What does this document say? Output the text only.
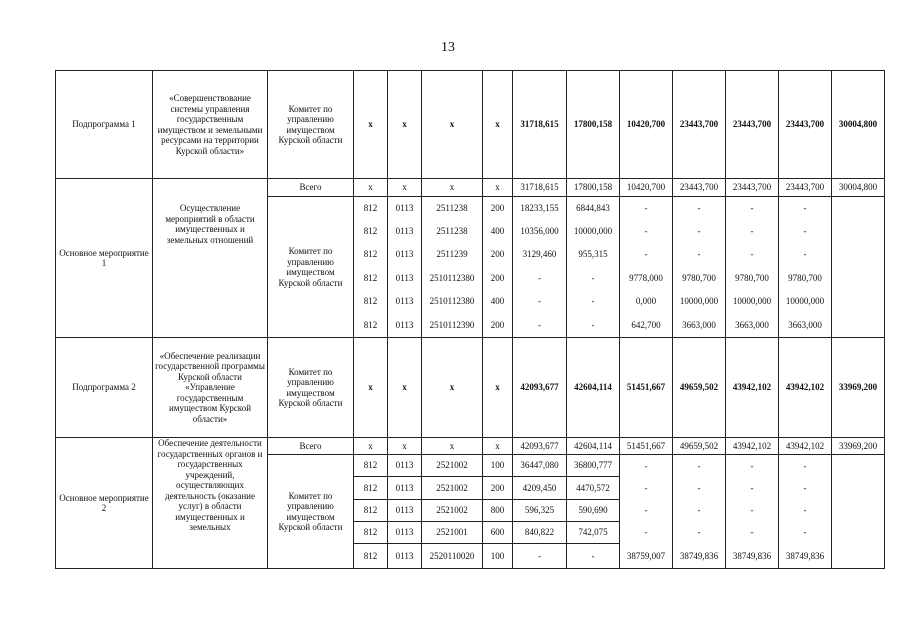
13
Подпрограмма 1	«Совершенствование системы управления государственным имуществом и земельными ресурсами на территории Курской области»	Комитет по управлению имуществом Курской области	x	x	x	x	31718,615	17800,158	10420,700	23443,700	23443,700	23443,700	30004,800
Основное мероприятие 1	Осуществление мероприятий в области имущественных и земельных отношений	Всего	x	x	x	x	31718,615	17800,158	10420,700	23443,700	23443,700	23443,700	30004,800
		Комитет по управлению имуществом Курской области	812	0113	2511238	200	18233,155	6844,843	-	-	-	-	
			812	0113	2511238	400	10356,000	10000,000	-	-	-	-	
			812	0113	2511239	200	3129,460	955,315	-	-	-	-	
			812	0113	2510112380	200	-	-	9778,000	9780,700	9780,700	9780,700	
			812	0113	2510112380	400	-	-	0,000	10000,000	10000,000	10000,000	
			812	0113	2510112390	200	-	-	642,700	3663,000	3663,000	3663,000	
Подпрограмма 2	«Обеспечение реализации государственной программы Курской области «Управление государственным имуществом Курской области»	Комитет по управлению имуществом Курской области	x	x	x	x	42093,677	42604,114	51451,667	49659,502	43942,102	43942,102	33969,200
Основное мероприятие 2	Обеспечение деятельности государственных органов и государственных учреждений, осуществляющих деятельность (оказание услуг) в области имущественных и земельных	Всего	x	x	x	x	42093,677	42604,114	51451,667	49659,502	43942,102	43942,102	33969,200
		Комитет по управлению имуществом Курской области	812	0113	2521002	100	36447,080	36800,777	-	-	-	-	
			812	0113	2521002	200	4209,450	4470,572	-	-	-	-	
			812	0113	2521002	800	596,325	590,690	-	-	-	-	
			812	0113	2521001	600	840,822	742,075	-	-	-	-	
			812	0113	2520110020	100	-	-	38759,007	38749,836	38749,836	38749,836	
